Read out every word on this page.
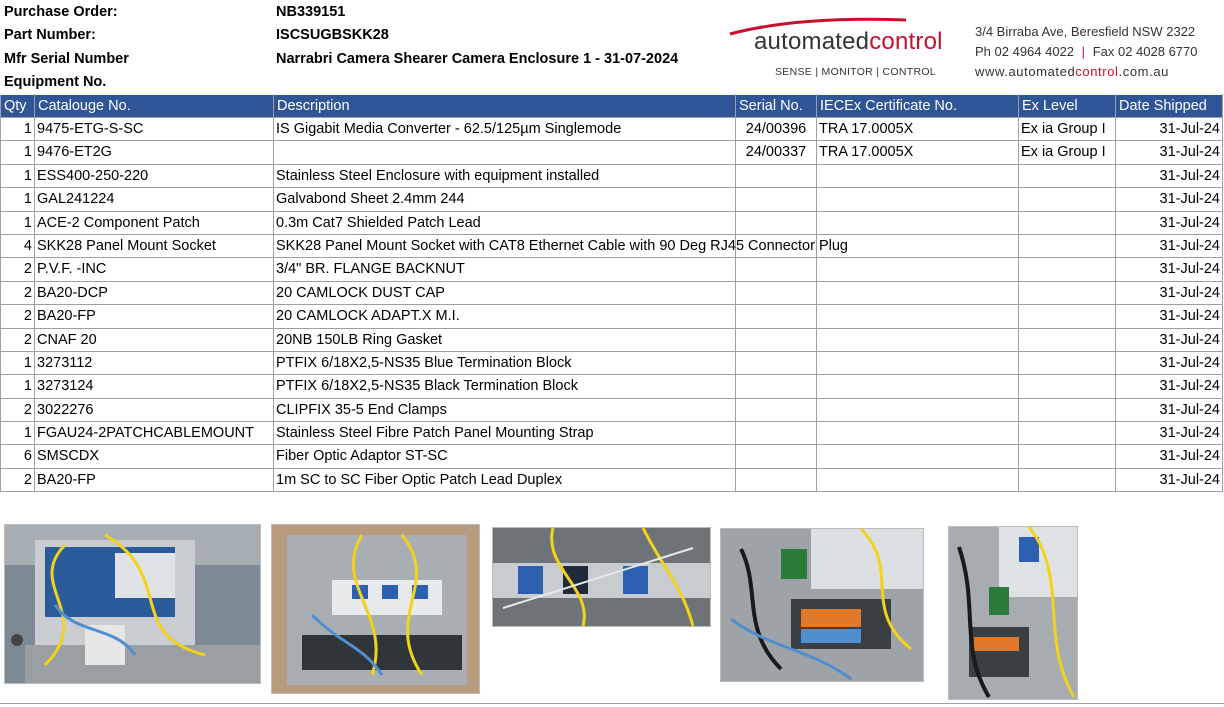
Purchase Order:	NB339151
Part Number:	ISCSUGBSKK28
Mfr Serial Number	Narrabri Camera Shearer Camera Enclosure 1 - 31-07-2024
Equipment No.
automatedcontrol
SENSE | MONITOR | CONTROL
3/4 Birraba Ave, Beresfield NSW 2322
Ph 02 4964 4022 | Fax 02 4028 6770
www.automatedcontrol.com.au
Qty	Catalouge No.	Description	Serial No.	IECEx Certificate No.	Ex Level	Date Shipped
1	9475-ETG-S-SC	IS Gigabit Media Converter - 62.5/125µm Singlemode	24/00396	TRA 17.0005X	Ex ia Group I	31-Jul-24
1	9476-ET2G		24/00337	TRA 17.0005X	Ex ia Group I	31-Jul-24
1	ESS400-250-220	Stainless Steel Enclosure with equipment installed				31-Jul-24
1	GAL241224	Galvabond Sheet 2.4mm 244				31-Jul-24
1	ACE-2 Component Patch	0.3m Cat7 Shielded Patch Lead				31-Jul-24
4	SKK28 Panel Mount Socket	SKK28 Panel Mount Socket with CAT8 Ethernet Cable with 90 Deg RJ45 Connector Plug				31-Jul-24
2	P.V.F. -INC	3/4" BR. FLANGE BACKNUT				31-Jul-24
2	BA20-DCP	20 CAMLOCK DUST CAP				31-Jul-24
2	BA20-FP	20 CAMLOCK ADAPT.X M.I.				31-Jul-24
2	CNAF 20	20NB 150LB Ring Gasket				31-Jul-24
1	3273112	PTFIX 6/18X2,5-NS35 Blue Termination Block				31-Jul-24
1	3273124	PTFIX 6/18X2,5-NS35 Black Termination Block				31-Jul-24
2	3022276	CLIPFIX 35-5 End Clamps				31-Jul-24
1	FGAU24-2PATCHCABLEMOUNT	Stainless Steel Fibre Patch Panel Mounting Strap				31-Jul-24
6	SMSCDX	Fiber Optic Adaptor ST-SC				31-Jul-24
2	BA20-FP	1m SC to SC Fiber Optic Patch Lead Duplex				31-Jul-24
